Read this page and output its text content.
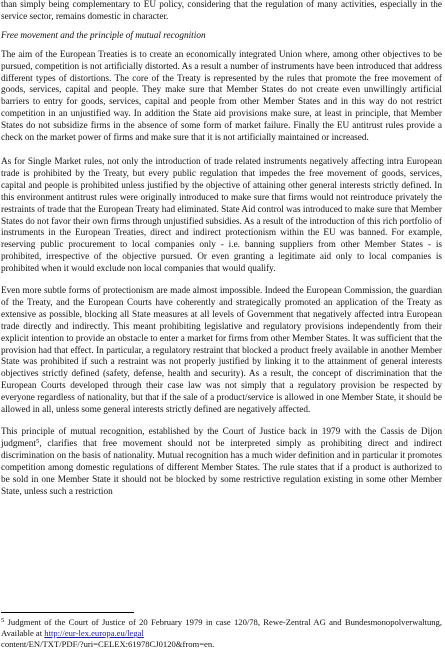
than simply being complementary to EU policy, considering that the regulation of many activities, especially in the service sector, remains domestic in character.

Free movement and the principle of mutual recognition

The aim of the European Treaties is to create an economically integrated Union where, among other objectives to be pursued, competition is not artificially distorted. As a result a number of instruments have been introduced that address different types of distortions. The core of the Treaty is represented by the rules that promote the free movement of goods, services, capital and people. They make sure that Member States do not create even unwillingly artificial barriers to entry for goods, services, capital and people from other Member States and in this way do not restrict competition in an unjustified way. In addition the State aid provisions make sure, at least in principle, that Member States do not subsidize firms in the absence of some form of market failure. Finally the EU antitrust rules provide a check on the market power of firms and make sure that it is not artificially maintained or increased.

As for Single Market rules, not only the introduction of trade related instruments negatively affecting intra European trade is prohibited by the Treaty, but every public regulation that impedes the free movement of goods, services, capital and people is prohibited unless justified by the objective of attaining other general interests strictly defined. In this environment antitrust rules were originally introduced to make sure that firms would not reintroduce privately the restraints of trade that the European Treaty had eliminated. State Aid control was introduced to make sure that Member States do not favor their own firms through unjustified subsidies. As a result of the introduction of this rich portfolio of instruments in the European Treaties, direct and indirect protectionism within the EU was banned. For example, reserving public procurement to local companies only - i.e. banning suppliers from other Member States - is prohibited, irrespective of the objective pursued. Or even granting a legitimate aid only to local companies is prohibited when it would exclude non local companies that would qualify.

Even more subtle forms of protectionism are made almost impossible. Indeed the European Commission, the guardian of the Treaty, and the European Courts have coherently and strategically promoted an application of the Treaty as extensive as possible, blocking all State measures at all levels of Government that negatively affected intra European trade directly and indirectly. This meant prohibiting legislative and regulatory provisions independently from their explicit intention to provide an obstacle to enter a market for firms from other Member States. It was sufficient that the provision had that effect. In particular, a regulatory restraint that blocked a product freely available in another Member State was prohibited if such a restraint was not properly justified by linking it to the attainment of general interests objectives strictly defined (safety, defense, health and security). As a result, the concept of discrimination that the European Courts developed through their case law was not simply that a regulatory provision be respected by everyone regardless of nationality, but that if the sale of a product/service is allowed in one Member State, it should be allowed in all, unless some general interests strictly defined are negatively affected.

This principle of mutual recognition, established by the Court of Justice back in 1979 with the Cassis de Dijon judgment$^5$, clarifies that free movement should not be interpreted simply as prohibiting direct and indirect discrimination on the basis of nationality. Mutual recognition has a much wider definition and in particular it promotes competition among domestic regulations of different Member States. The rule states that if a product is authorized to be sold in one Member State it should not be blocked by some restrictive regulation existing in some other Member State, unless such a restriction

$^5$ Judgment of the Court of Justice of 20 February 1979 in case 120/78, Rewe-Zentral AG and Bundesmonopolverwaltung, Available at http://eur-lex.europa.eu/legal
content/EN/TXT/PDF/?uri=CELEX:61978CJ0120&from=en.
